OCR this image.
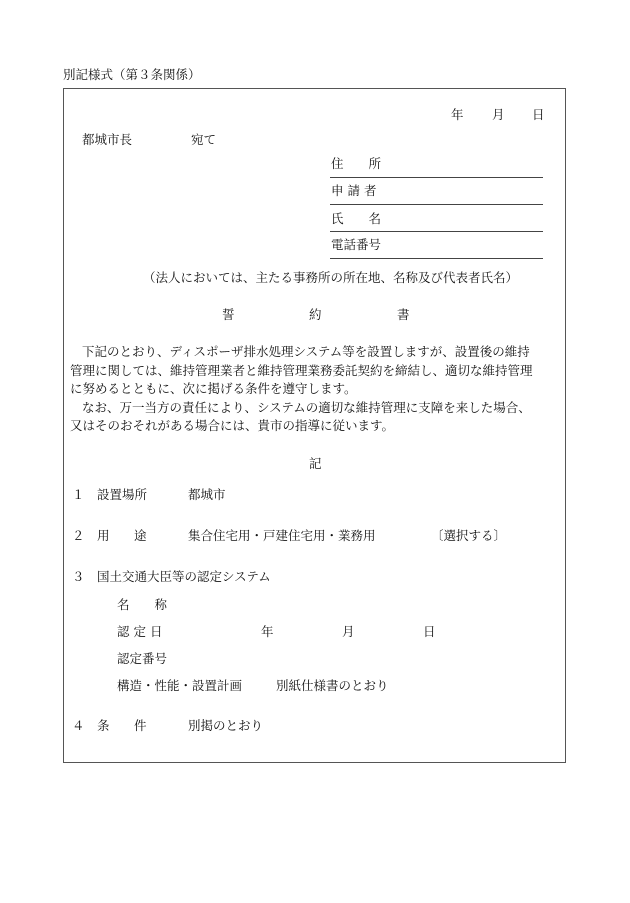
別記様式（第３条関係）
年 月 日
都城市長	宛て
住　　所
申 請 者
氏　　名
電話番号
（法人においては、主たる事務所の所在地、名称及び代表者氏名）
誓	約	書
下記のとおり、ディスポーザ排水処理システム等を設置しますが、設置後の維持
管理に関しては、維持管理業者と維持管理業務委託契約を締結し、適切な維持管理
に努めるとともに、次に掲げる条件を遵守します。
なお、万一当方の責任により、システムの適切な維持管理に支障を来した場合、
又はそのおそれがある場合には、貴市の指導に従います。
記
１ 設置場所	都城市
２ 用 途	集合住宅用・戸建住宅用・業務用	〔選択する〕
３ 国土交通大臣等の認定システム
名　　称
認 定 日	年	月	日
認定番号
構造・性能・設置計画	別紙仕様書のとおり
４ 条 件	別掲のとおり
